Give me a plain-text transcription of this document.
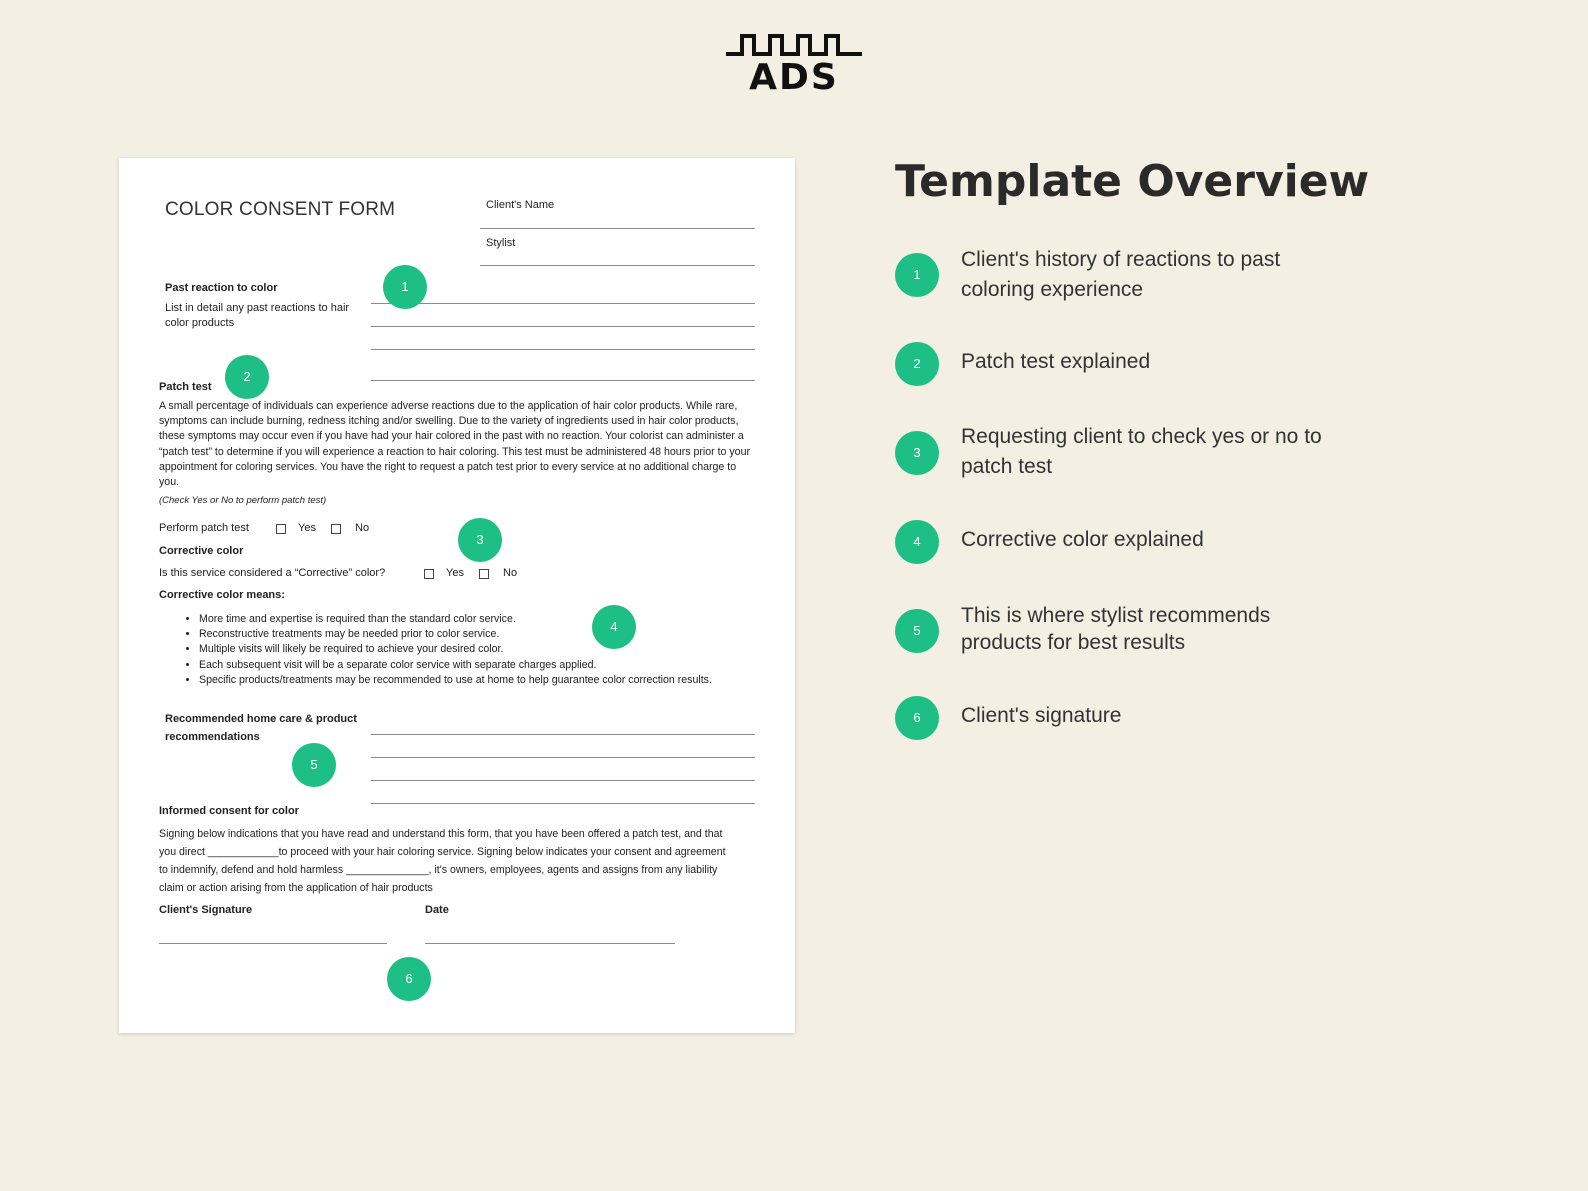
ADS
COLOR CONSENT FORM	Client's Name
Stylist
Past reaction to color
List in detail any past reactions to hair color products
Patch test
A small percentage of individuals can experience adverse reactions due to the application of hair color products. While rare, symptoms can include burning, redness itching and/or swelling. Due to the variety of ingredients used in hair color products, these symptoms may occur even if you have had your hair colored in the past with no reaction. Your colorist can administer a “patch test” to determine if you will experience a reaction to hair coloring. This test must be administered 48 hours prior to your appointment for coloring services. You have the right to request a patch test prior to every service at no additional charge to you.
(Check Yes or No to perform patch test)
Perform patch test	Yes	No
Corrective color
Is this service considered a “Corrective” color?	Yes	No
Corrective color means:
• More time and expertise is required than the standard color service.
• Reconstructive treatments may be needed prior to color service.
• Multiple visits will likely be required to achieve your desired color.
• Each subsequent visit will be a separate color service with separate charges applied.
• Specific products/treatments may be recommended to use at home to help guarantee color correction results.
Recommended home care & product
recommendations
Informed consent for color
Signing below indications that you have read and understand this form, that you have been offered a patch test, and that
you direct ____________to proceed with your hair coloring service. Signing below indicates your consent and agreement
to indemnify, defend and hold harmless ______________, it's owners, employees, agents and assigns from any liability
claim or action arising from the application of hair products
Client's Signature	Date
1
2
3
4
5
6
Template Overview
1
Client's history of reactions to past
coloring experience
2	Patch test explained
3
Requesting client to check yes or no to
patch test
4	Corrective color explained
5
This is where stylist recommends
products for best results
6	Client's signature
